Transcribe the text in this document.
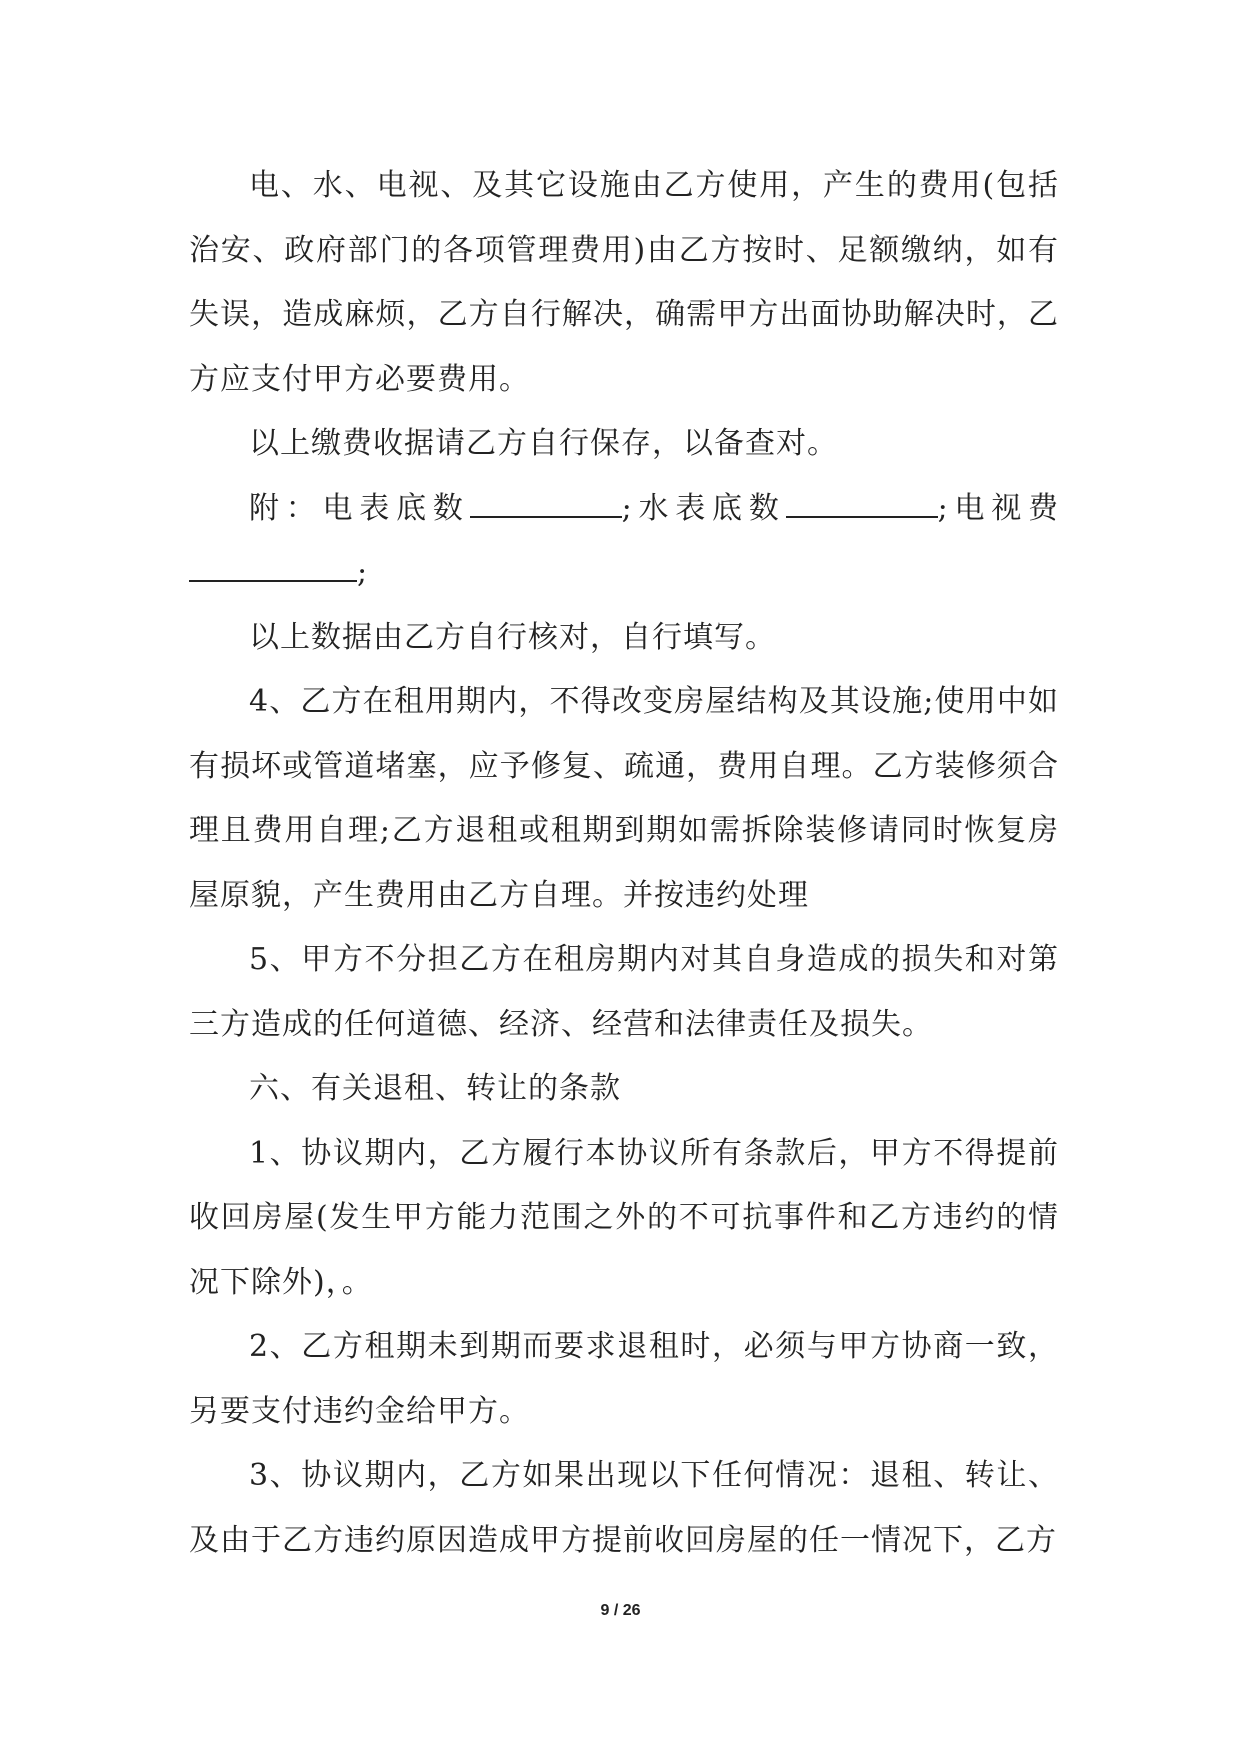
电、水、电视、及其它设施由乙方使用，产生的费用(包括治安、政府部门的各项管理费用)由乙方按时、足额缴纳，如有失误，造成麻烦，乙方自行解决，确需甲方出面协助解决时，乙方应支付甲方必要费用。

以上缴费收据请乙方自行保存，以备查对。

附：电表底数	;水表底数	;电视费;

以上数据由乙方自行核对，自行填写。

4、乙方在租用期内，不得改变房屋结构及其设施;使用中如有损坏或管道堵塞，应予修复、疏通，费用自理。乙方装修须合理且费用自理;乙方退租或租期到期如需拆除装修请同时恢复房屋原貌，产生费用由乙方自理。并按违约处理

5、甲方不分担乙方在租房期内对其自身造成的损失和对第三方造成的任何道德、经济、经营和法律责任及损失。

六、有关退租、转让的条款

1、协议期内，乙方履行本协议所有条款后，甲方不得提前收回房屋(发生甲方能力范围之外的不可抗事件和乙方违约的情况下除外)，。

2、乙方租期未到期而要求退租时，必须与甲方协商一致，另要支付违约金给甲方。

3、协议期内，乙方如果出现以下任何情况：退租、转让、及由于乙方违约原因造成甲方提前收回房屋的任一情况下，乙方

9 / 26
